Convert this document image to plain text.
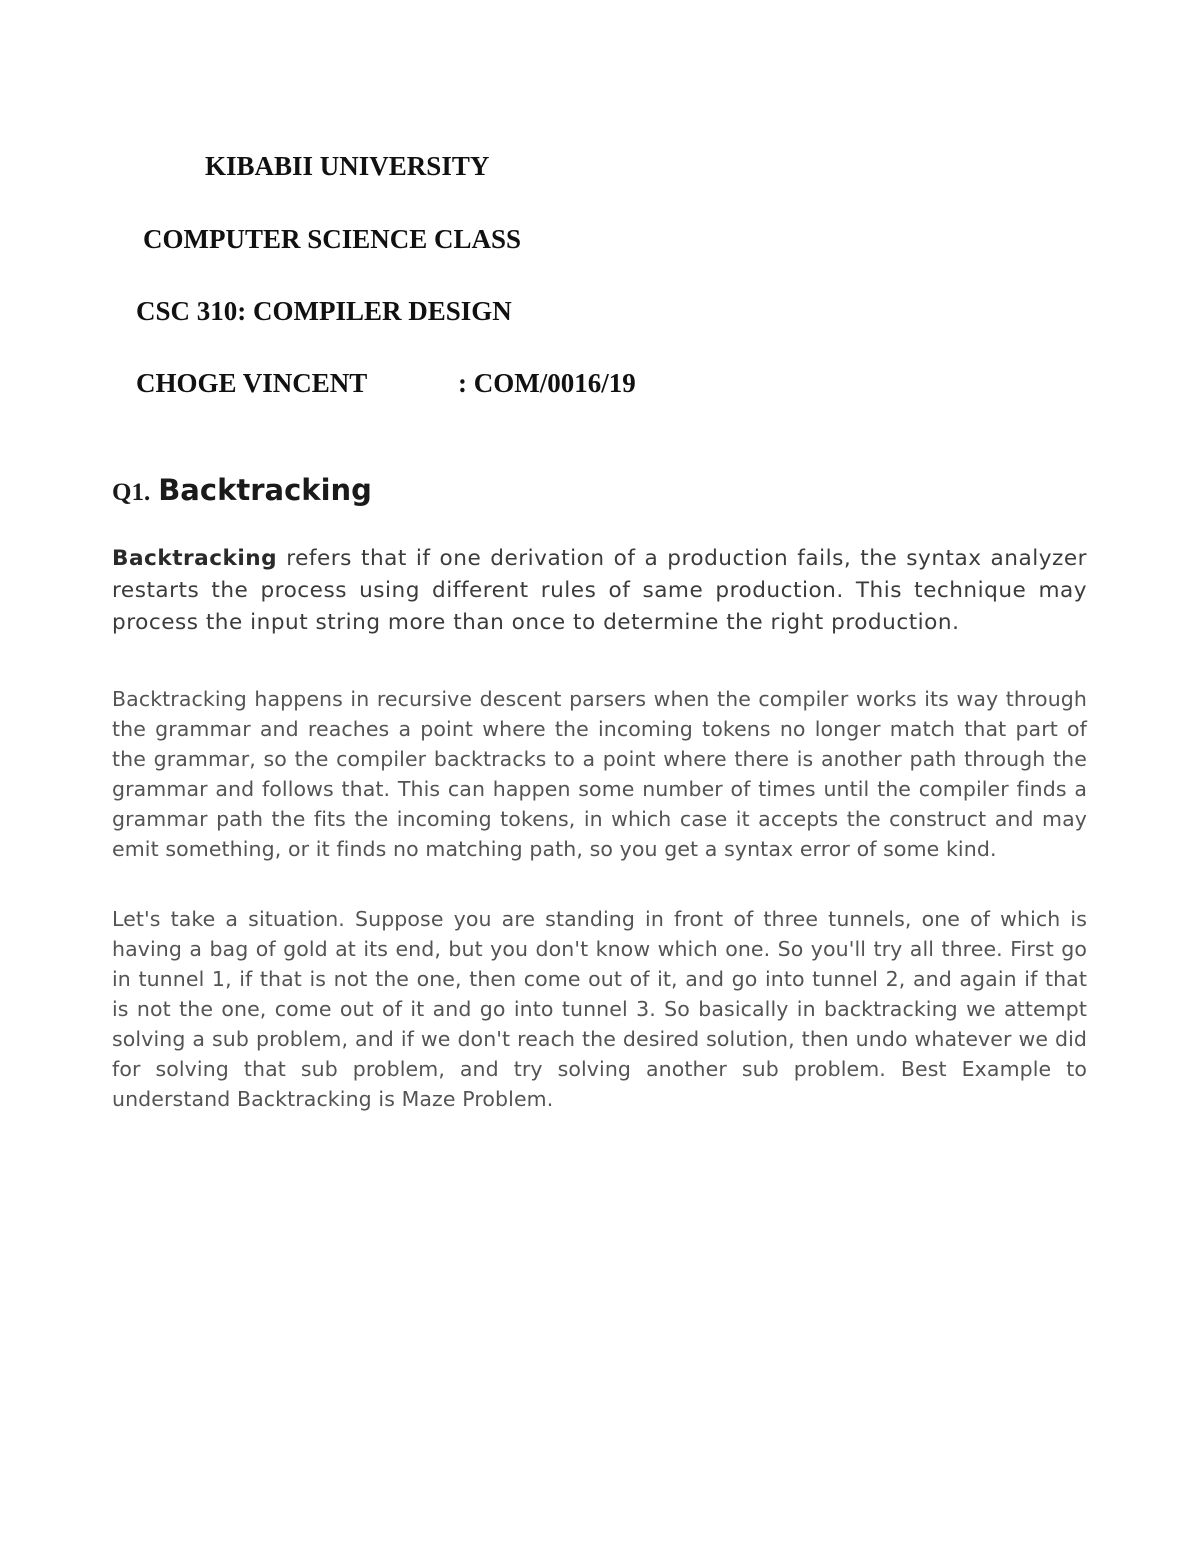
KIBABII UNIVERSITY
COMPUTER SCIENCE CLASS
CSC 310: COMPILER DESIGN
CHOGE VINCENT	: COM/0016/19
Q1. Backtracking

Backtracking refers that if one derivation of a production fails, the syntax analyzer restarts the process using different rules of same production. This technique may process the input string more than once to determine the right production.

Backtracking happens in recursive descent parsers when the compiler works its way through the grammar and reaches a point where the incoming tokens no longer match that part of the grammar, so the compiler backtracks to a point where there is another path through the grammar and follows that. This can happen some number of times until the compiler finds a grammar path the fits the incoming tokens, in which case it accepts the construct and may emit something, or it finds no matching path, so you get a syntax error of some kind.

Let's take a situation. Suppose you are standing in front of three tunnels, one of which is having a bag of gold at its end, but you don't know which one. So you'll try all three. First go in tunnel 1, if that is not the one, then come out of it, and go into tunnel 2, and again if that is not the one, come out of it and go into tunnel 3. So basically in backtracking we attempt solving a sub problem, and if we don't reach the desired solution, then undo whatever we did for solving that sub problem, and try solving another sub problem. Best Example to understand Backtracking is Maze Problem.
